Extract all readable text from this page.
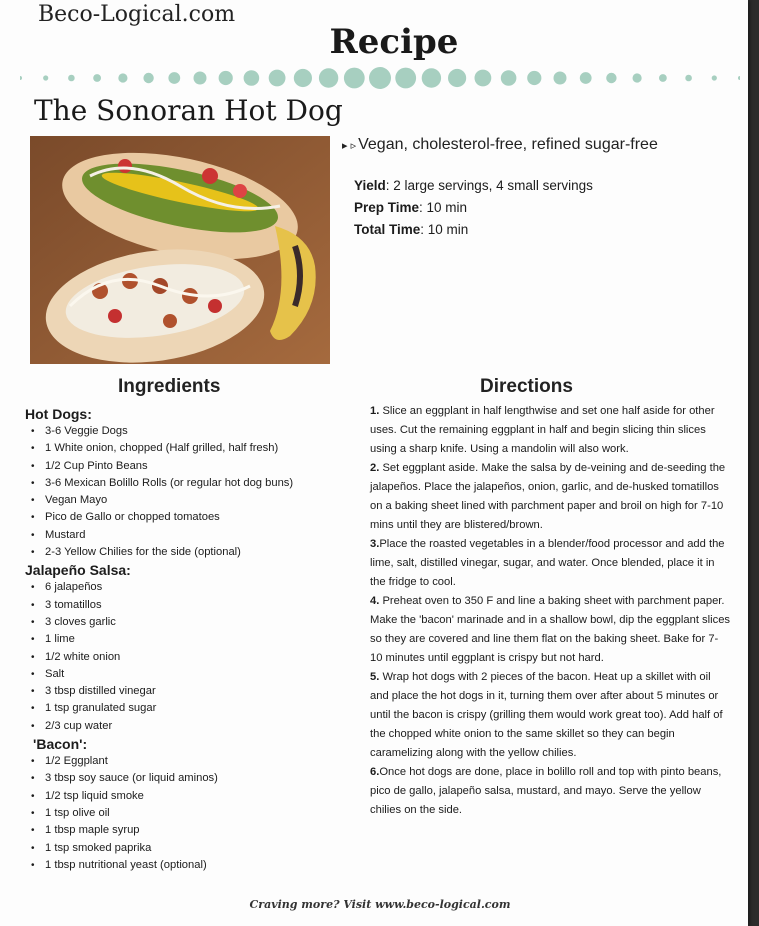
Beco-Logical.com
Recipe
The Sonoran Hot Dog
▸ ▹ Vegan, cholesterol-free, refined sugar-free
Yield: 2 large servings, 4 small servings
Prep Time: 10 min
Total Time: 10 min
Ingredients	Directions
Hot Dogs:
• 3-6 Veggie Dogs
• 1 White onion, chopped (Half grilled, half fresh)
• 1/2 Cup Pinto Beans
• 3-6 Mexican Bolillo Rolls (or regular hot dog buns)
• Vegan Mayo
• Pico de Gallo or chopped tomatoes
• Mustard
• 2-3 Yellow Chilies for the side (optional)
Jalapeño Salsa:
• 6 jalapeños
• 3 tomatillos
• 3 cloves garlic
• 1 lime
• 1/2 white onion
• Salt
• 3 tbsp distilled vinegar
• 1 tsp granulated sugar
• 2/3 cup water
'Bacon':
• 1/2 Eggplant
• 3 tbsp soy sauce (or liquid aminos)
• 1/2 tsp liquid smoke
• 1 tsp olive oil
• 1 tbsp maple syrup
• 1 tsp smoked paprika
• 1 tbsp nutritional yeast (optional)

1. Slice an eggplant in half lengthwise and set one half aside for other uses. Cut the remaining eggplant in half and begin slicing thin slices using a sharp knife. Using a mandolin will also work.

2. Set eggplant aside. Make the salsa by de-veining and de-seeding the jalapeños. Place the jalapeños, onion, garlic, and de-husked tomatillos on a baking sheet lined with parchment paper and broil on high for 7-10 mins until they are blistered/brown.

3.Place the roasted vegetables in a blender/food processor and add the lime, salt, distilled vinegar, sugar, and water. Once blended, place it in the fridge to cool.

4. Preheat oven to 350 F and line a baking sheet with parchment paper. Make the 'bacon' marinade and in a shallow bowl, dip the eggplant slices so they are covered and line them flat on the baking sheet. Bake for 7-10 minutes until eggplant is crispy but not hard.

5. Wrap hot dogs with 2 pieces of the bacon. Heat up a skillet with oil and place the hot dogs in it, turning them over after about 5 minutes or until the bacon is crispy (grilling them would work great too). Add half of the chopped white onion to the same skillet so they can begin caramelizing along with the yellow chilies.

6.Once hot dogs are done, place in bolillo roll and top with pinto beans, pico de gallo, jalapeño salsa, mustard, and mayo. Serve the yellow chilies on the side.

Craving more? Visit www.beco-logical.com
